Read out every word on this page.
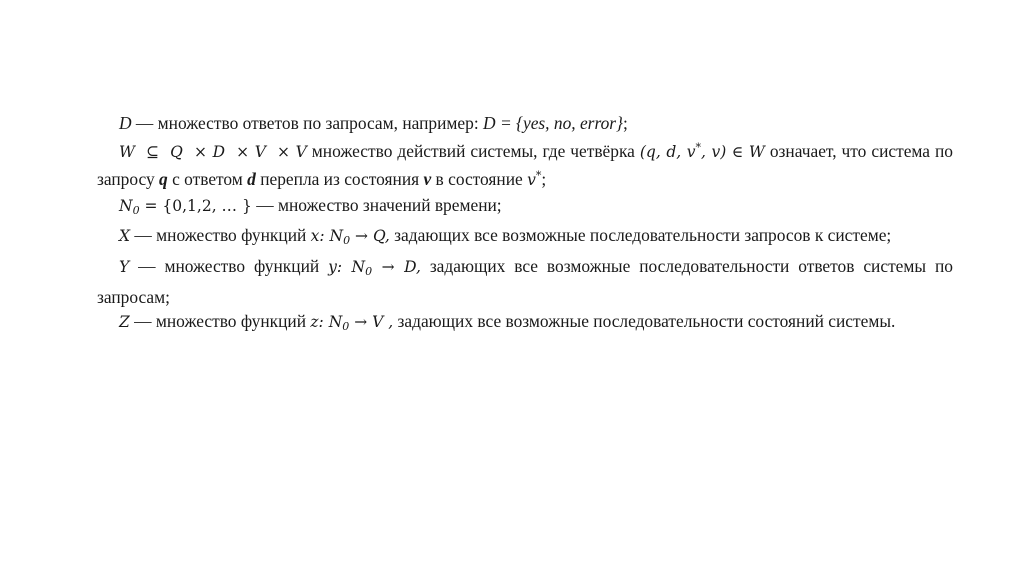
D — множество ответов по запросам, например: D = {yes, no, error};

W  ⊆  Q  × D  × V  × V множество действий системы, где четвёрка (q, d, v*, v) ∈ W означает, что система по запросу q с ответом d перепла из состояния v в состояние v*;

$N_0 = \{0,1,2$, … } — множество значений времени;

X — множество функций x: $N_0 \to Q$, задающих все возможные последовательности запросов к системе;

Y — множество функций y: $N_0 \to D$, задающих все возможные последовательности ответов системы по запросам;

Z — множество функций z: $N_0 \to V$ , задающих все возможные последовательности состояний системы.
